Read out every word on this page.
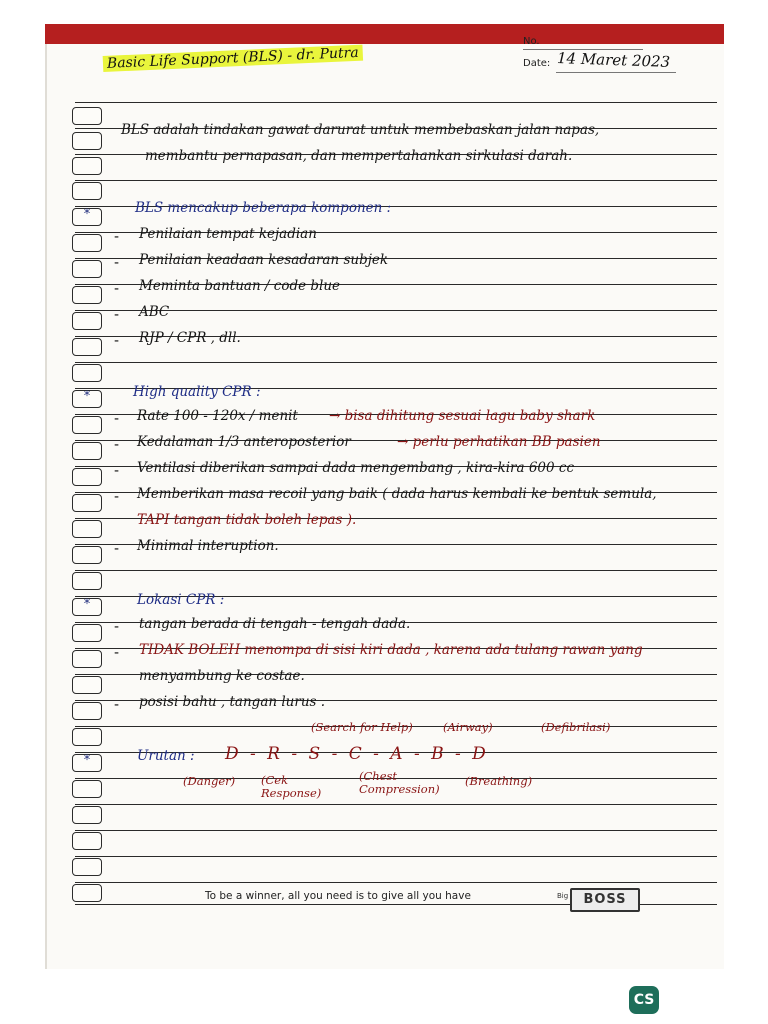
No.
Date: 14 Maret 2023
Basic Life Support (BLS) - dr. Putra
*
*
*
*
BLS adalah tindakan gawat darurat untuk membebaskan jalan napas,
membantu pernapasan, dan mempertahankan sirkulasi darah.
BLS mencakup beberapa komponen :
- Penilaian tempat kejadian
- Penilaian keadaan kesadaran subjek
- Meminta bantuan / code blue
- ABC
- RJP / CPR , dll.
High quality CPR :
- Rate 100 - 120x / menit → bisa dihitung sesuai lagu baby shark
- Kedalaman 1/3 anteroposterior	→ perlu perhatikan BB pasien
- Ventilasi diberikan sampai dada mengembang , kira-kira 600 cc
- Memberikan masa recoil yang baik ( dada harus kembali ke bentuk semula,
TAPI tangan tidak boleh lepas ).
- Minimal interuption.
Lokasi CPR :
- tangan berada di tengah - tengah dada.
- TIDAK BOLEH menompa di sisi kiri dada , karena ada tulang rawan yang
menyambung ke costae.
- posisi bahu , tangan lurus .
(Search for Help)	(Airway)	(Defibrilasi)
Urutan : D - R - S - C - A - B - D
(Danger) (Cek Response)
(Chest Compression)
(Breathing)
To be a winner, all you need is to give all you have	Big	BOSS
CS
